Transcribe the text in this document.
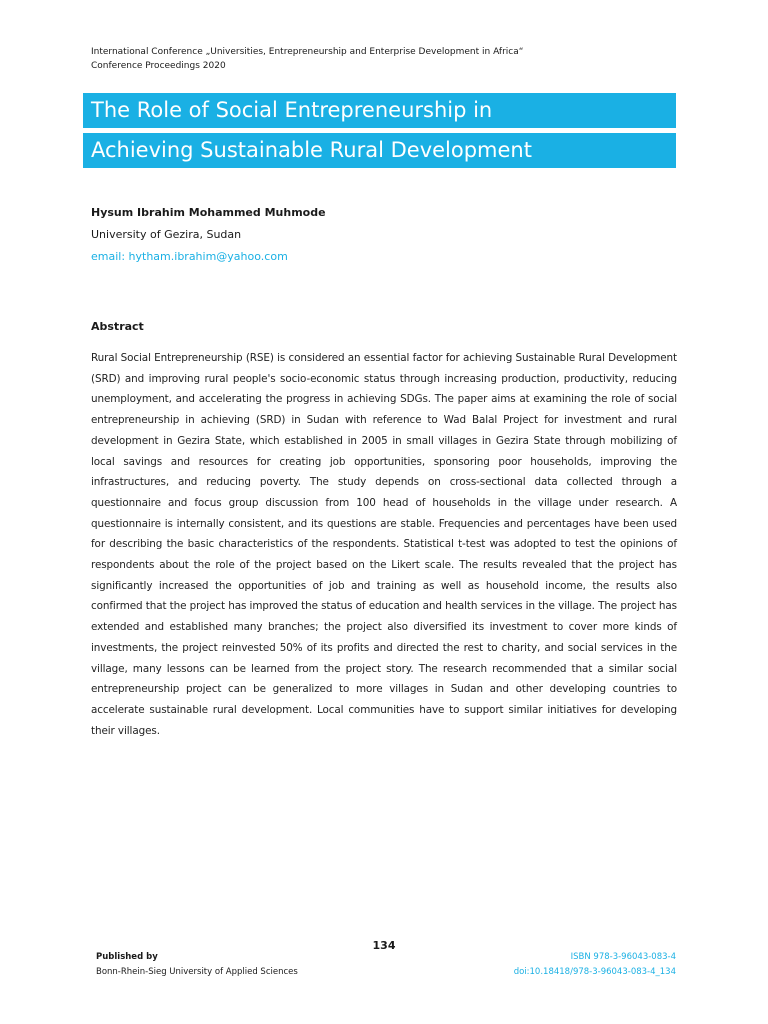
International Conference „Universities, Entrepreneurship and Enterprise Development in Africa“
Conference Proceedings 2020
The Role of Social Entrepreneurship in
Achieving Sustainable Rural Development
Hysum Ibrahim Mohammed Muhmode
University of Gezira, Sudan
email: hytham.ibrahim@yahoo.com
Abstract
Rural Social Entrepreneurship (RSE) is considered an essential factor for achieving Sustainable Rural Development (SRD) and improving rural people's socio-economic status through increasing production, productivity, reducing unemployment, and accelerating the progress in achieving SDGs. The paper aims at examining the role of social entrepreneurship in achieving (SRD) in Sudan with reference to Wad Balal Project for investment and rural development in Gezira State, which established in 2005 in small villages in Gezira State through mobilizing of local savings and resources for creating job opportunities, sponsoring poor households, improving the infrastructures, and reducing poverty. The study depends on cross-sectional data collected through a questionnaire and focus group discussion from 100 head of households in the village under research. A questionnaire is internally consistent, and its questions are stable. Frequencies and percentages have been used for describing the basic characteristics of the respondents. Statistical t-test was adopted to test the opinions of respondents about the role of the project based on the Likert scale. The results revealed that the project has significantly increased the opportunities of job and training as well as household income, the results also confirmed that the project has improved the status of education and health services in the village. The project has extended and established many branches; the project also diversified its investment to cover more kinds of investments, the project reinvested 50% of its profits and directed the rest to charity, and social services in the village, many lessons can be learned from the project story. The research recommended that a similar social entrepreneurship project can be generalized to more villages in Sudan and other developing countries to accelerate sustainable rural development. Local communities have to support similar initiatives for developing their villages.
134
Published by
Bonn-Rhein-Sieg University of Applied Sciences
ISBN 978-3-96043-083-4
doi:10.18418/978-3-96043-083-4_134
